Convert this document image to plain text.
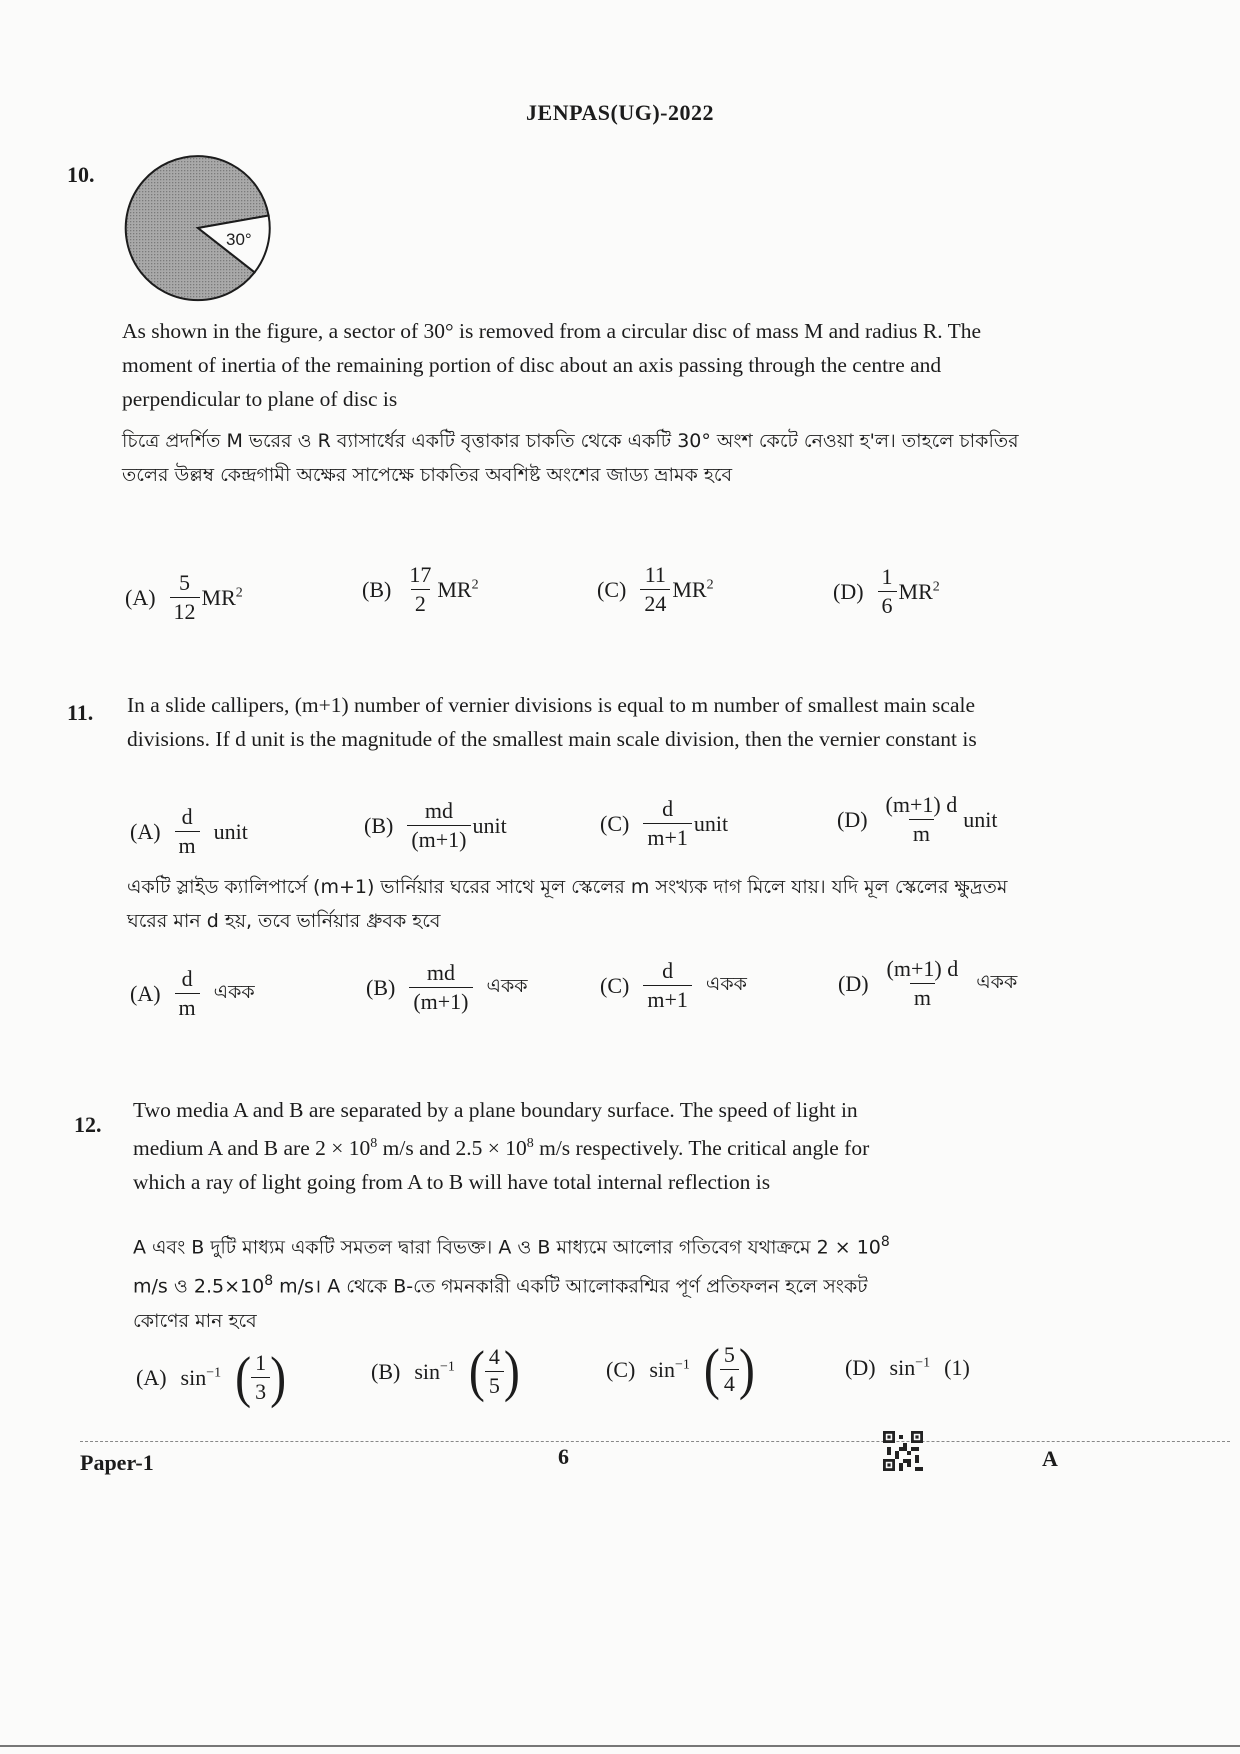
JENPAS(UG)-2022
10.
30°
As shown in the figure, a sector of 30° is removed from a circular disc of mass M and radius R. The moment of inertia of the remaining portion of disc about an axis passing through the centre and perpendicular to plane of disc is
চিত্রে প্রদর্শিত M ভরের ও R ব্যাসার্ধের একটি বৃত্তাকার চাকতি থেকে একটি 30° অংশ কেটে নেওয়া হ'ল। তাহলে চাকতির তলের উল্লম্ব কেন্দ্রগামী অক্ষের সাপেক্ষে চাকতির অবশিষ্ট অংশের জাড্য ভ্রামক হবে
$(A) \frac{5}{12} MR^2$	$(B) \frac{17}{2} MR^2$	$(C) \frac{11}{24} MR^2$	$(D) \frac{1}{6} MR^2$
11. In a slide callipers, (m+1) number of vernier divisions is equal to m number of smallest main scale divisions. If d unit is the magnitude of the smallest main scale division, then the vernier constant is
$(A) \frac{d}{m}$ unit	$(B) \frac{md}{(m+1)}$ unit	$(C) \frac{d}{m+1}$ unit	$(D) \frac{(m+1) d}{m}$ unit
একটি স্লাইড ক্যালিপার্সে (m+1) ভার্নিয়ার ঘরের সাথে মূল স্কেলের m সংখ্যক দাগ মিলে যায়। যদি মূল স্কেলের ক্ষুদ্রতম ঘরের মান d হয়, তবে ভার্নিয়ার ধ্রুবক হবে
$(A) \frac{d}{m}$ একক	$(B) \frac{md}{(m+1)}$ একক	$(C) \frac{d}{m+1}$ একক	$(D) \frac{(m+1) d}{m}$ একক
12.
Two media A and B are separated by a plane boundary surface. The speed of light in
medium A and B are $2 \times 10^8$ m/s and $2.5 \times 10^8$ m/s respectively. The critical angle for
which a ray of light going from A to B will have total internal reflection is
A এবং B দুটি মাধ্যম একটি সমতল দ্বারা বিভক্ত। A ও B মাধ্যমে আলোর গতিবেগ যথাক্রমে $2 \times 10^8$
m/s ও $2.5\times 10^8$ m/s। A থেকে B-তে গমনকারী একটি আলোকরশ্মির পূর্ণ প্রতিফলন হলে সংকট
কোণের মান হবে
(A) $\sin^{-1}$ ( $\frac{1}{3}$ )	(B) $\sin^{-1}$ ( $\frac{4}{5}$ )	(C) $\sin^{-1}$ ( $\frac{5}{4}$ )	(D) $\sin^{-1} (1)$
Paper-1	6	A
